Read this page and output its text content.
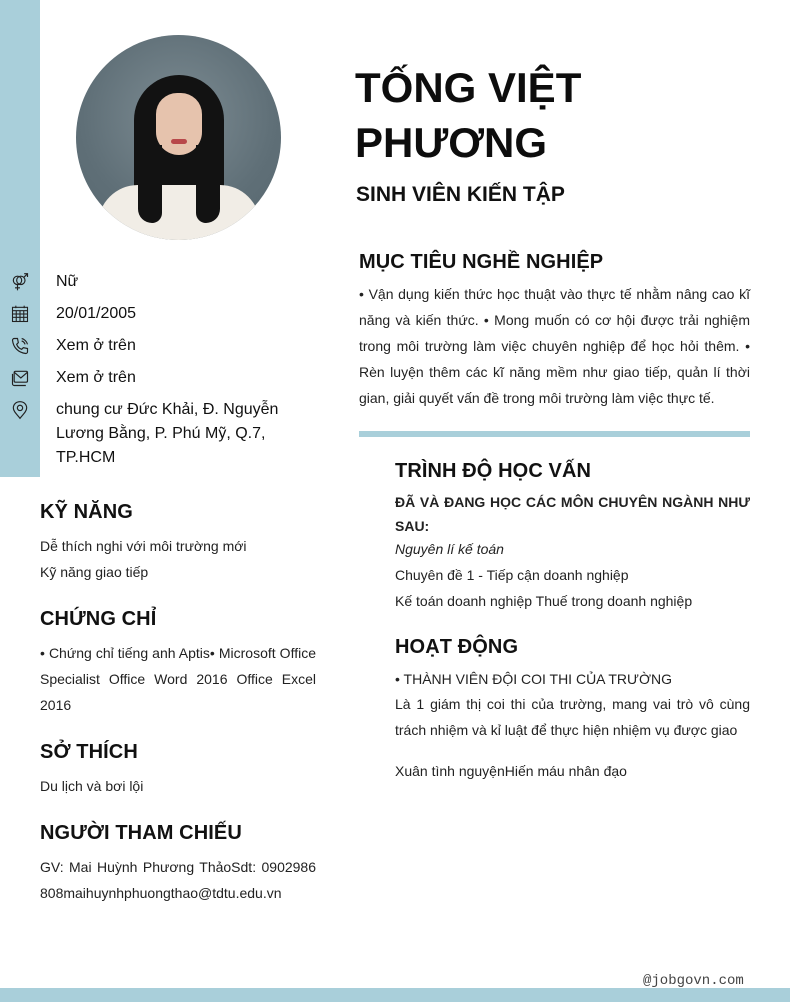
Nữ
20/01/2005
Xem ở trên
Xem ở trên
chung cư Đức Khải, Đ. Nguyễn Lương Bằng, P. Phú Mỹ, Q.7, TP.HCM
KỸ NĂNG
Dễ thích nghi với môi trường mới
Kỹ năng giao tiếp
CHỨNG CHỈ
• Chứng chỉ tiếng anh Aptis• Microsoft Office Specialist Office Word 2016 Office Excel 2016
SỞ THÍCH
Du lịch và bơi lội
NGƯỜI THAM CHIẾU
GV: Mai Huỳnh Phương ThảoSdt: 0902986808maihuynhphuongthao@tdtu.edu.vn
TỐNG VIỆT
PHƯƠNG
SINH VIÊN KIẾN TẬP
MỤC TIÊU NGHỀ NGHIỆP
• Vận dụng kiến thức học thuật vào thực tế nhằm nâng cao kĩ năng và kiến thức. • Mong muốn có cơ hội được trải nghiệm trong môi trường làm việc chuyên nghiệp để học hỏi thêm. • Rèn luyện thêm các kĩ năng mềm như giao tiếp, quản lí thời gian, giải quyết vấn đề trong môi trường làm việc thực tế.
TRÌNH ĐỘ HỌC VẤN
ĐÃ VÀ ĐANG HỌC CÁC MÔN CHUYÊN NGÀNH NHƯ SAU:
Nguyên lí kế toán
Chuyên đề 1 - Tiếp cận doanh nghiệp
Kế toán doanh nghiệp Thuế trong doanh nghiệp
HOẠT ĐỘNG
• THÀNH VIÊN ĐỘI COI THI CỦA TRƯỜNG
Là 1 giám thị coi thi của trường, mang vai trò vô cùng trách nhiệm và kỉ luật để thực hiện nhiệm vụ được giao
Xuân tình nguyệnHiến máu nhân đạo
@jobgovn.com
